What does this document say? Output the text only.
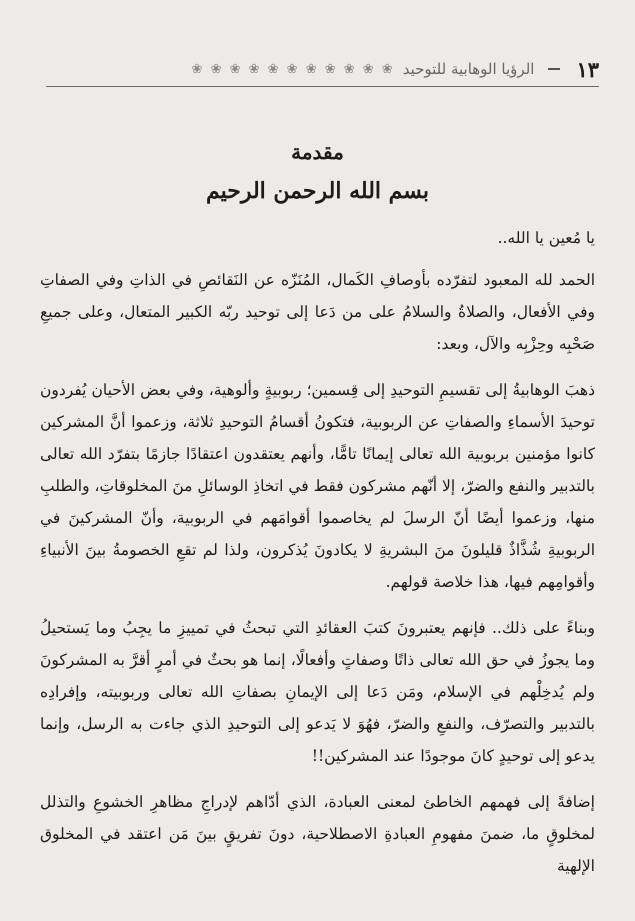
١٣
الرؤيا الوهابية للتوحيد
❀ ❀ ❀ ❀ ❀ ❀ ❀ ❀ ❀ ❀ ❀
مقدمة
بسم الله الرحمن الرحيم

يا مُعين يا الله..

الحمد لله المعبود لتفرّده بأوصافِ الكَمال، المُنَزّه عن النَقائصِ في الذاتِ وفي الصفاتِ وفي الأفعال، والصلاةُ والسلامُ على من دَعا إلى توحيد ربّه الكبير المتعال، وعلى جميعِ صَحْبِه وحِزْبِه والآل، وبعد:

ذهبَ الوهابيةُ إلى تقسيمِ التوحيدِ إلى قِسمين؛ ربوبيةٍ وألوهية، وفي بعض الأحيان يُفردون توحيدَ الأسماءِ والصفاتِ عن الربوبية، فتكونُ أقسامُ التوحيدِ ثلاثة، وزعموا أنَّ المشركين كانوا مؤمنين بربوبية الله تعالى إيمانًا تامًّا، وأنهم يعتقدون اعتقادًا جازمًا بتفرّد الله تعالى بالتدبير والنفع والضرّ، إلا أنّهم مشركون فقط في اتخاذِ الوسائلِ منَ المخلوقاتِ، والطلبِ منها، وزعموا أيضًا أنّ الرسلَ لم يخاصموا أقوامَهم في الربوبية، وأنّ المشركينَ في الربوبيةِ شُذَّاذٌ قليلونَ منَ البشريةِ لا يكادونَ يُذكرون، ولذا لم تقعِ الخصومةُ بينَ الأنبياءِ وأقوامِهم فيها، هذا خلاصة قولهم.

وبناءً على ذلك.. فإنهم يعتبرونَ كتبَ العقائدِ التي تبحثُ في تمييزِ ما يجِبُ وما يَستحيلُ وما يجوزُ في حق الله تعالى ذاتًا وصفاتٍ وأفعالًا، إنما هو بحثٌ في أمرٍ أقرَّ به المشركونَ ولم يُدخِلْهم في الإسلام، ومَن دَعا إلى الإيمانِ بصفاتِ الله تعالى وربوبيته، وإفرادِه بالتدبير والتصرّف، والنفعِ والضرّ، فهُوَ لا يَدعو إلى التوحيدِ الذي جاءت به الرسل، وإنما يدعو إلى توحيدٍ كانَ موجودًا عند المشركين!!

إضافةً إلى فهمهم الخاطئ لمعنى العبادة، الذي أدّاهم لإدراجِ مظاهرِ الخشوعِ والتذلل لمخلوقٍ ما، ضمنَ مفهومِ العبادةِ الاصطلاحية، دونَ تفريقٍ بينَ مَن اعتقد في المخلوق الإلهية
